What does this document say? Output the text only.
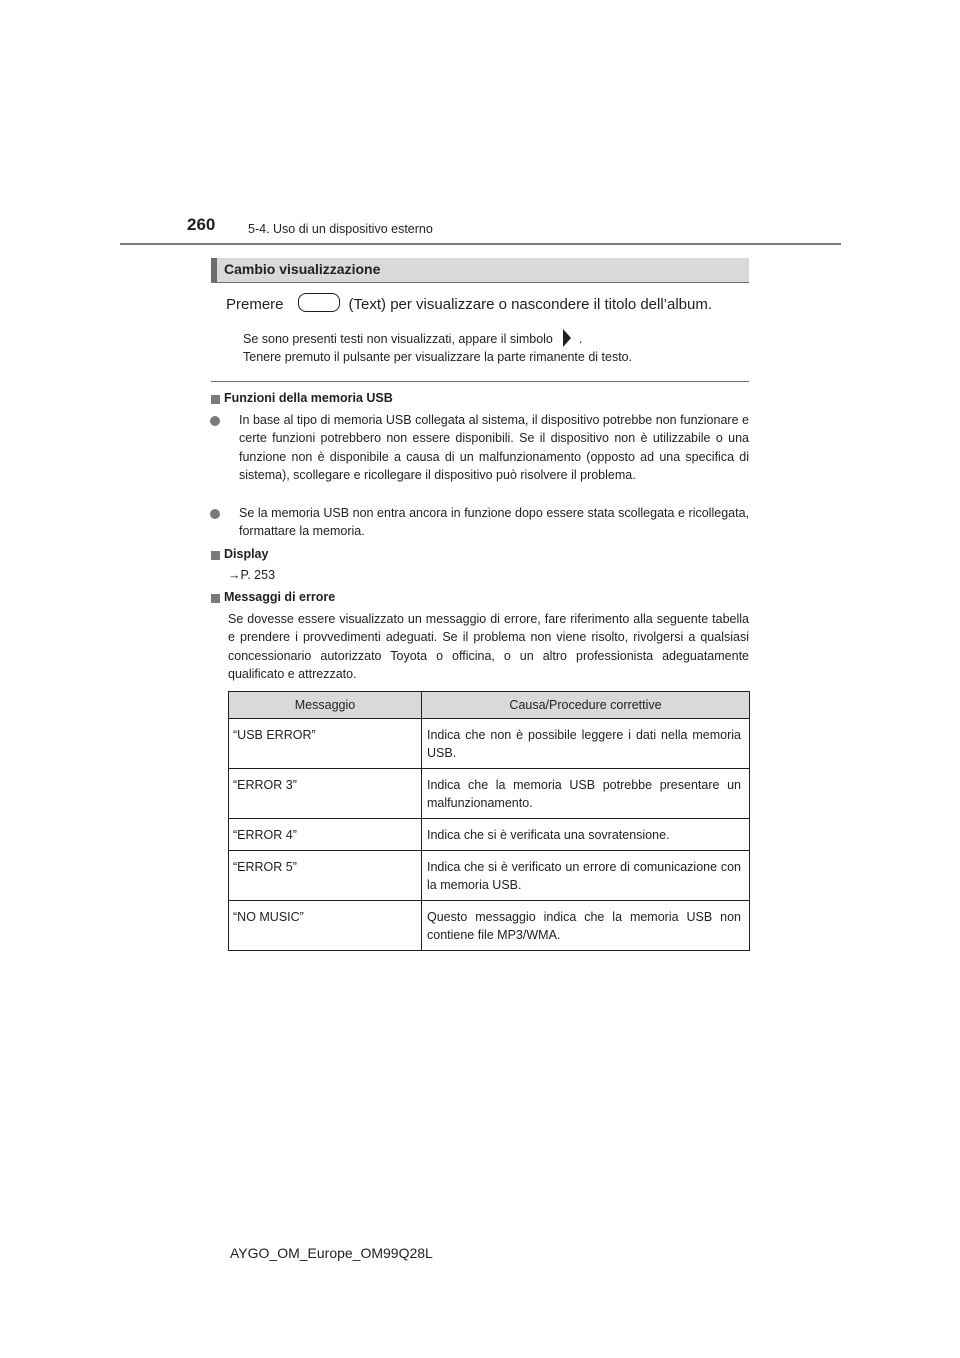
260	5-4. Uso di un dispositivo esterno
Cambio visualizzazione
Premere	(Text) per visualizzare o nascondere il titolo dell’album.
Se sono presenti testi non visualizzati, appare il simbolo .
Tenere premuto il pulsante per visualizzare la parte rimanente di testo.
Funzioni della memoria USB
In base al tipo di memoria USB collegata al sistema, il dispositivo potrebbe non funzionare e certe funzioni potrebbero non essere disponibili. Se il dispositivo non è utilizzabile o una funzione non è disponibile a causa di un malfunzionamento (opposto ad una specifica di sistema), scollegare e ricollegare il dispositivo può risolvere il problema.
Se la memoria USB non entra ancora in funzione dopo essere stata scollegata e ricollegata, formattare la memoria.
Display
→P. 253
Messaggi di errore
Se dovesse essere visualizzato un messaggio di errore, fare riferimento alla seguente tabella e prendere i provvedimenti adeguati. Se il problema non viene risolto, rivolgersi a qualsiasi concessionario autorizzato Toyota o officina, o un altro professionista adeguatamente qualificato e attrezzato.
Messaggio	Causa/Procedure correttive
“USB ERROR”	Indica che non è possibile leggere i dati nella memoria USB.
“ERROR 3”	Indica che la memoria USB potrebbe presentare un malfunzionamento.
“ERROR 4”	Indica che si è verificata una sovratensione.
“ERROR 5”	Indica che si è verificato un errore di comunicazione con la memoria USB.
“NO MUSIC”	Questo messaggio indica che la memoria USB non contiene file MP3/WMA.
AYGO_OM_Europe_OM99Q28L
